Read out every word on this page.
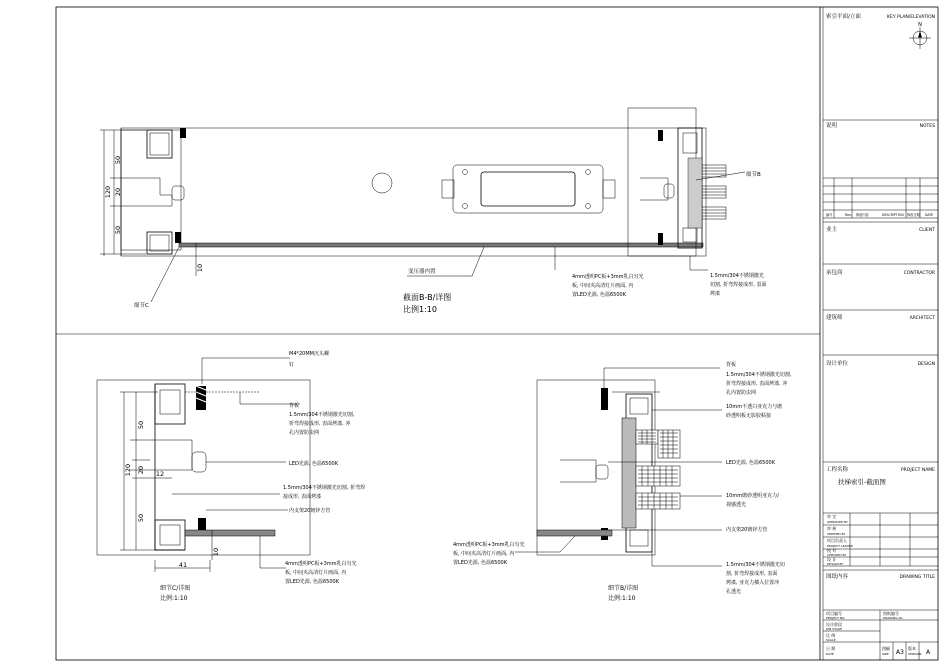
索引平面/立面	KEY PLAN/ELEVATION
N
说明	NOTES
编号	Rev. 修改内容	DESCRIPTION 修改日期 DATE
业主	CLIENT
承包商	CONTRACTOR
建筑师	ARCHITECT
设计单位	DESIGN
工程名称	PROJECT NAME
扶梯索引-截面图
审 定
APPROVED BY
审 核
VERIFIED BY
项目负责人
PROJECT LEADER
校 对
CHECKED BY
设 计
DESIGN BY
图纸内容	DRAWING TITLE
项目编号
PROJECT NO.
图纸编号
DRAWING No.
设计阶段
JOB STAGE
比 例
SCALE
日 期
DATE
图幅
SIZE A3
版本
VERSION A
50
20
50
120
10
细节C
细节B
变压器内置
4mm透明PC板+3mm乳白匀光
板, 中间夹高清灯片画面, 内
置LED光源, 色温6500K
1.5mm/304不锈钢激光
切割, 折弯焊接成形, 表面
烤漆
截面B-B/详图
比例1:10
50
20
50
120	12
10
41
M4*20MM沉头螺
钉
背板
1.5mm/304不锈钢激光切割,
折弯焊接成形, 表面烤漆, 冲
孔内置防虫网
LED光源, 色温6500K
1.5mm/304不锈钢激光切割, 折弯焊
接成形, 表面烤漆
内支架20镀锌方管
4mm透明PC板+3mm乳白匀光
板, 中间夹高清灯片画面, 内
置LED光源, 色温6500K
细节C/详图
比例:1:10
背板
1.5mm/304不锈钢激光切割,
折弯焊接成形, 表面烤漆, 冲
孔内置防虫网
10mm不透白亚克力与磨
砂透明板无影胶粘接
LED光源, 色温6500K
10mm磨砂透明亚克力/
视感透光
内支架20镀锌方管
4mm透明PC板+3mm乳白匀光
板, 中间夹高清灯片画面, 内
置LED光源, 色温6500K	1.5mm/304不锈钢激光切
割, 折弯焊接成形, 表面
烤漆, 亚克力插入位置冲
孔透光
细节B/详图
比例:1:10
